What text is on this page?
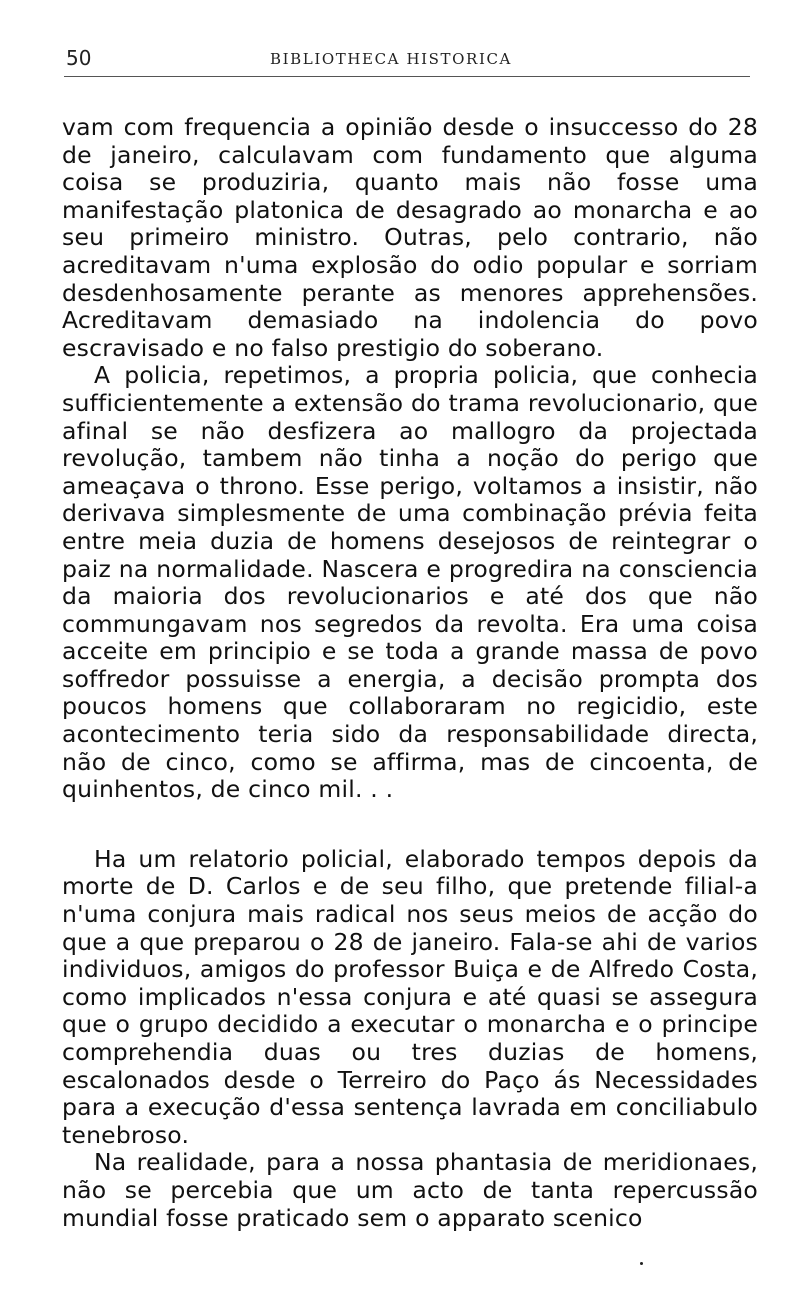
50	BIBLIOTHECA HISTORICA

vam com frequencia a opinião desde o insuccesso do 28 de janeiro, calculavam com fundamento que alguma coisa se produziria, quanto mais não fosse uma manifestação platonica de desagrado ao monarcha e ao seu primeiro ministro. Outras, pelo contrario, não acreditavam n'uma explosão do odio popular e sorriam desdenhosamente perante as menores apprehensões. Acreditavam demasiado na indolencia do povo escravisado e no falso prestigio do soberano.

A policia, repetimos, a propria policia, que conhecia sufficientemente a extensão do trama revolucionario, que afinal se não desfizera ao mallogro da projectada revolução, tambem não tinha a noção do perigo que ameaçava o throno. Esse perigo, voltamos a insistir, não derivava simplesmente de uma combinação prévia feita entre meia duzia de homens desejosos de reintegrar o paiz na normalidade. Nascera e progredira na consciencia da maioria dos revolucionarios e até dos que não commungavam nos segredos da revolta. Era uma coisa acceite em principio e se toda a grande massa de povo soffredor possuisse a energia, a decisão prompta dos poucos homens que collaboraram no regicidio, este acontecimento teria sido da responsabilidade directa, não de cinco, como se affirma, mas de cincoenta, de quinhentos, de cinco mil. . .

Ha um relatorio policial, elaborado tempos depois da morte de D. Carlos e de seu filho, que pretende filial-a n'uma conjura mais radical nos seus meios de acção do que a que preparou o 28 de janeiro. Fala-se ahi de varios individuos, amigos do professor Buiça e de Alfredo Costa, como implicados n'essa conjura e até quasi se assegura que o grupo decidido a executar o monarcha e o principe comprehendia duas ou tres duzias de homens, escalonados desde o Terreiro do Paço ás Necessidades para a execução d'essa sentença lavrada em conciliabulo tenebroso.

Na realidade, para a nossa phantasia de meridionaes, não se percebia que um acto de tanta repercussão mundial fosse praticado sem o apparato scenico
